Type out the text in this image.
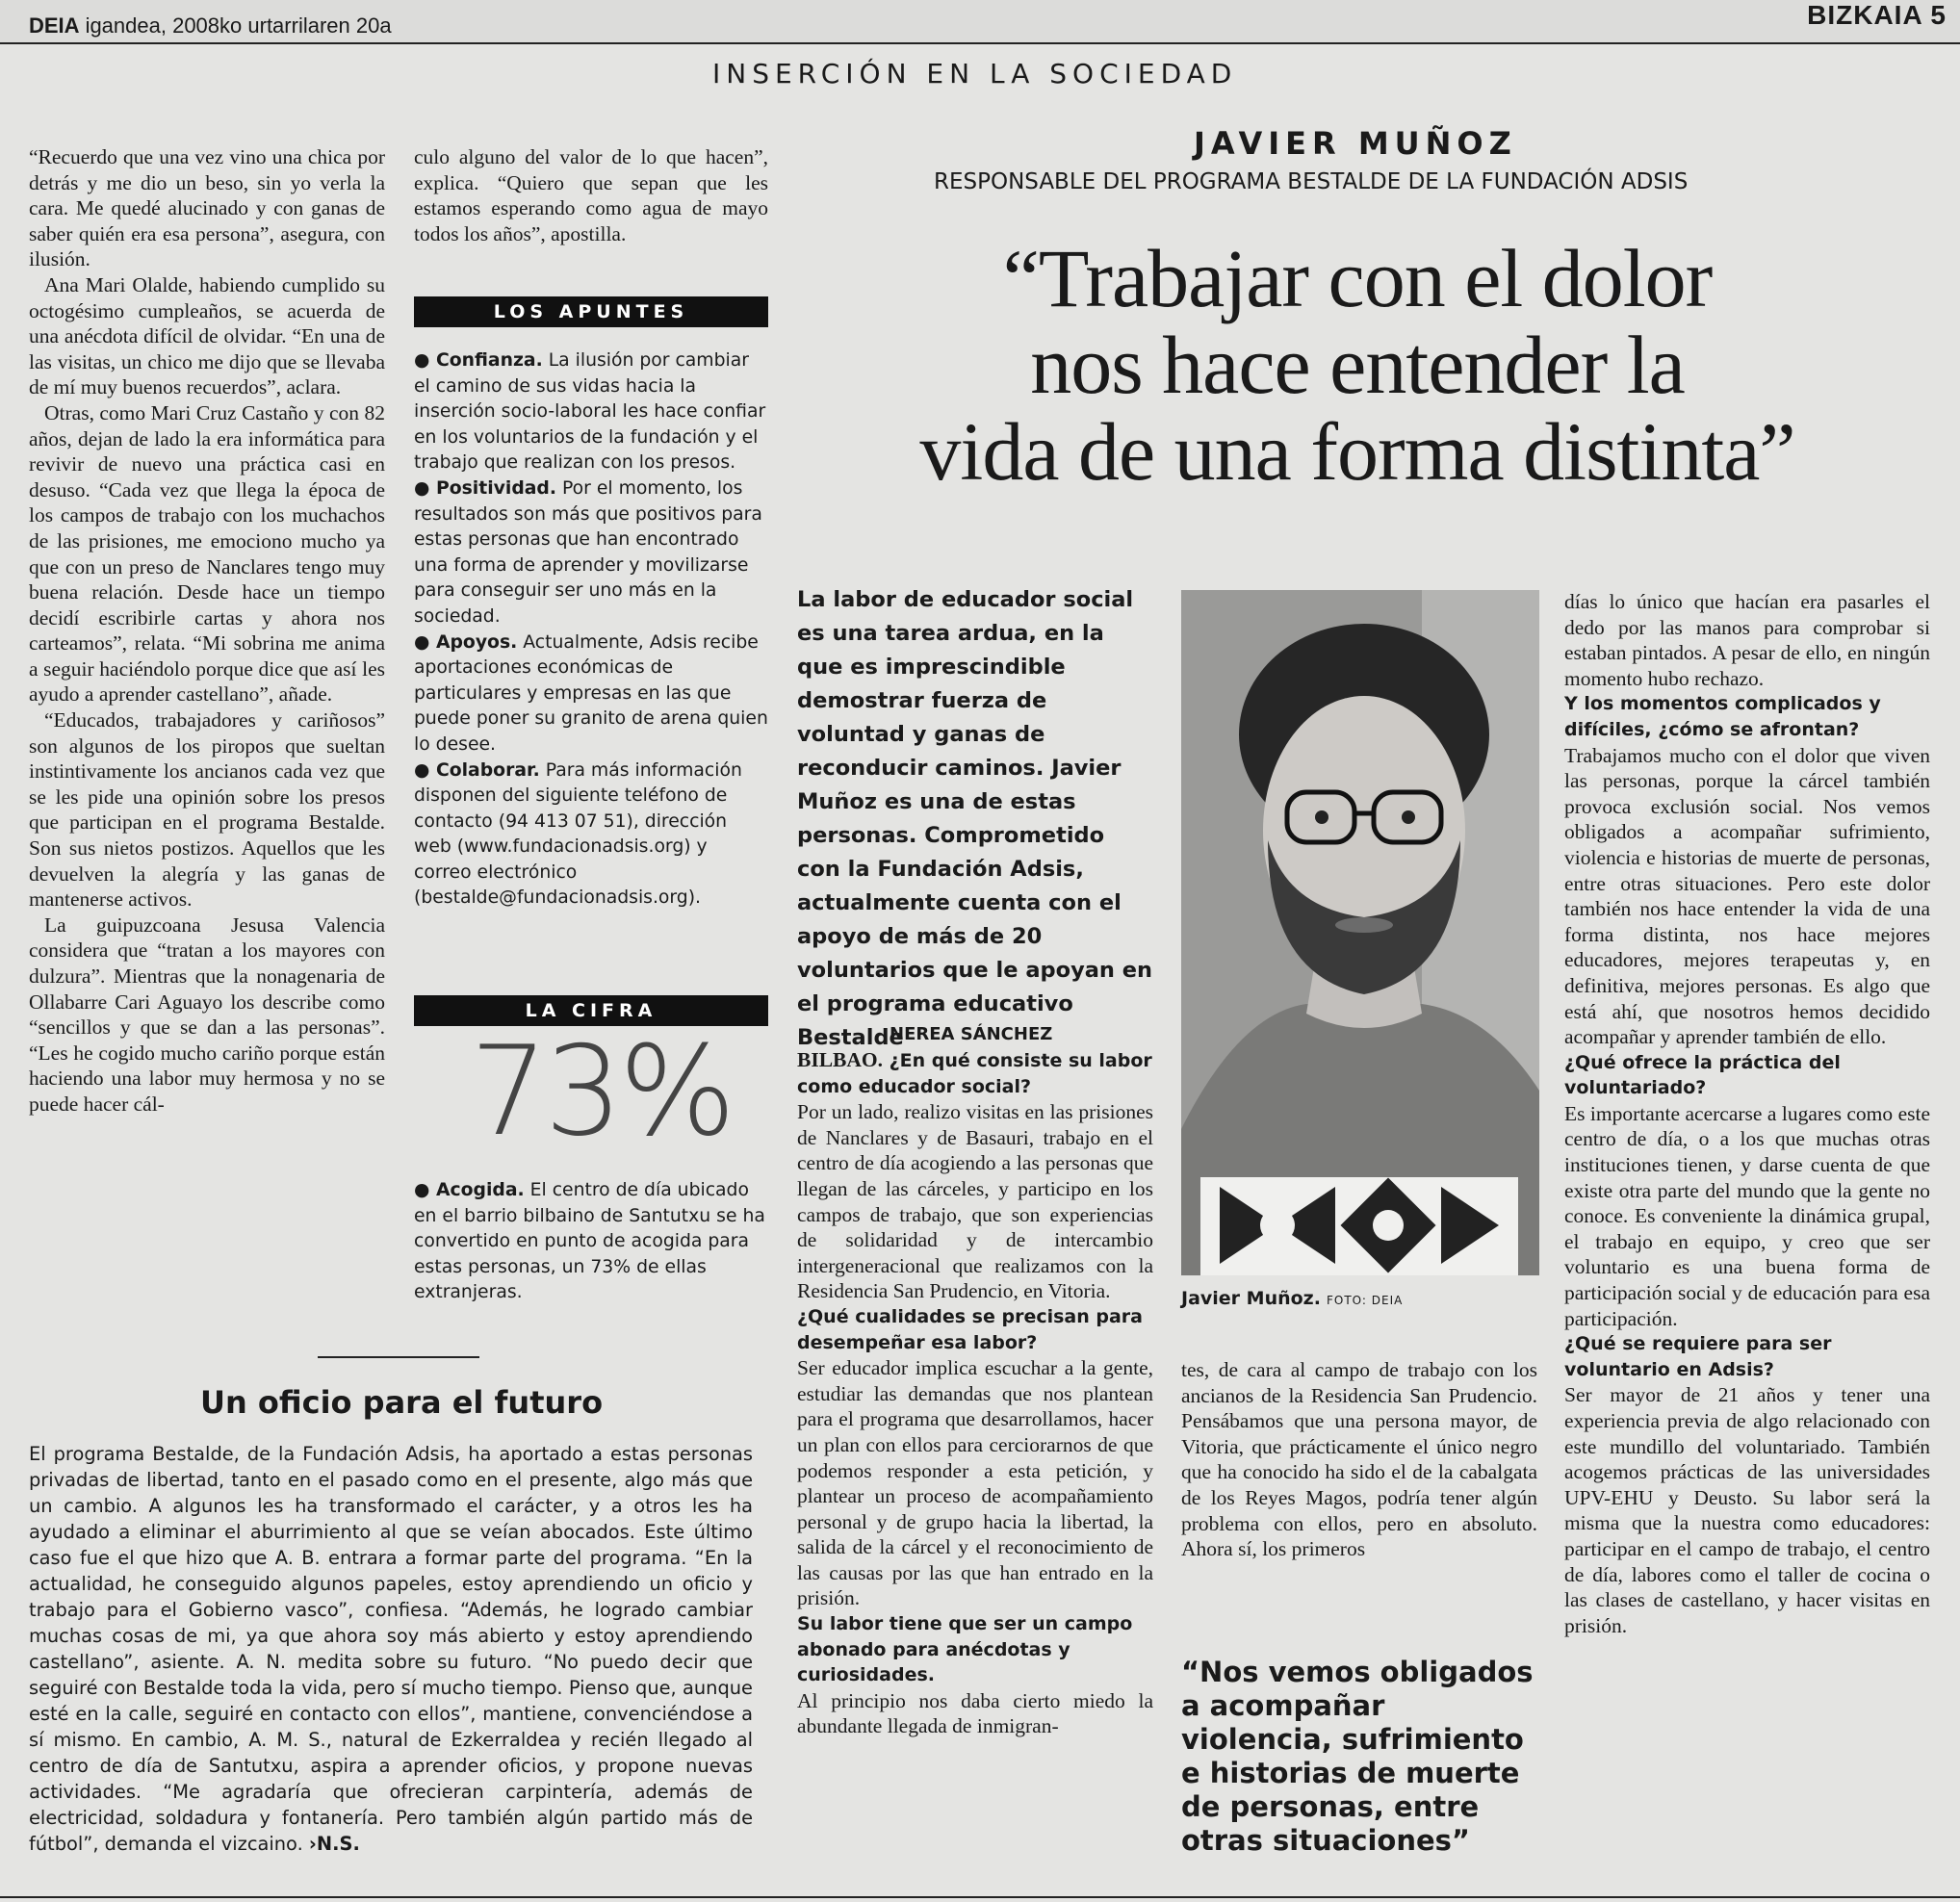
DEIA igandea, 2008ko urtarrilaren 20a	BIZKAIA 5
INSERCIÓN EN LA SOCIEDAD

“Recuerdo que una vez vino una chica por detrás y me dio un beso, sin yo verla la cara. Me quedé alucinado y con ganas de saber quién era esa persona”, asegura, con ilusión.

Ana Mari Olalde, habiendo cumplido su octogésimo cumpleaños, se acuerda de una anécdota difícil de olvidar. “En una de las visitas, un chico me dijo que se llevaba de mí muy buenos recuerdos”, aclara.

Otras, como Mari Cruz Castaño y con 82 años, dejan de lado la era informática para revivir de nuevo una práctica casi en desuso. “Cada vez que llega la época de los campos de trabajo con los muchachos de las prisiones, me emociono mucho ya que con un preso de Nanclares tengo muy buena relación. Desde hace un tiempo decidí escribirle cartas y ahora nos carteamos”, relata. “Mi sobrina me anima a seguir haciéndolo porque dice que así les ayudo a aprender castellano”, añade.

“Educados, trabajadores y cariñosos” son algunos de los piropos que sueltan instintivamente los ancianos cada vez que se les pide una opinión sobre los presos que participan en el programa Bestalde. Son sus nietos postizos. Aquellos que les devuelven la alegría y las ganas de mantenerse activos.

La guipuzcoana Jesusa Valencia considera que “tratan a los mayores con dulzura”. Mientras que la nonagenaria de Ollabarre Cari Aguayo los describe como “sencillos y que se dan a las personas”. “Les he cogido mucho cariño porque están haciendo una labor muy hermosa y no se puede hacer cál-

culo alguno del valor de lo que hacen”, explica. “Quiero que sepan que les estamos esperando como agua de mayo todos los años”, apostilla.

LOS APUNTES

● Confianza. La ilusión por cambiar el camino de sus vidas hacia la inserción socio-laboral les hace confiar en los voluntarios de la fundación y el trabajo que realizan con los presos.

● Positividad. Por el momento, los resultados son más que positivos para estas personas que han encontrado una forma de aprender y movilizarse para conseguir ser uno más en la sociedad.

● Apoyos. Actualmente, Adsis recibe aportaciones económicas de particulares y empresas en las que puede poner su granito de arena quien lo desee.

● Colaborar. Para más información disponen del siguiente teléfono de contacto (94 413 07 51), dirección web (www.fundacionadsis.org) y correo electrónico (bestalde@fundacionadsis.org).

LA CIFRA
73%

● Acogida. El centro de día ubicado en el barrio bilbaino de Santutxu se ha convertido en punto de acogida para estas personas, un 73% de ellas extranjeras.

Un oficio para el futuro
El programa Bestalde, de la Fundación Adsis, ha aportado a estas personas privadas de libertad, tanto en el pasado como en el presente, algo más que un cambio. A algunos les ha transformado el carácter, y a otros les ha ayudado a eliminar el aburrimiento al que se veían abocados. Este último caso fue el que hizo que A. B. entrara a formar parte del programa. “En la actualidad, he conseguido algunos papeles, estoy aprendiendo un oficio y trabajo para el Gobierno vasco”, confiesa. “Además, he logrado cambiar muchas cosas de mi, ya que ahora soy más abierto y estoy aprendiendo castellano”, asiente. A. N. medita sobre su futuro. “No puedo decir que seguiré con Bestalde toda la vida, pero sí mucho tiempo. Pienso que, aunque esté en la calle, seguiré en contacto con ellos”, mantiene, convenciéndose a sí mismo. En cambio, A. M. S., natural de Ezkerraldea y recién llegado al centro de día de Santutxu, aspira a aprender oficios, y propone nuevas actividades. “Me agradaría que ofrecieran carpintería, además de electricidad, soldadura y fontanería. Pero también algún partido más de fútbol”, demanda el vizcaino. ›N.S.
JAVIER MUÑOZ
RESPONSABLE DEL PROGRAMA BESTALDE DE LA FUNDACIÓN ADSIS
“Trabajar con el dolor
nos hace entender la
vida de una forma distinta”
La labor de educador social es una tarea ardua, en la que es imprescindible demostrar fuerza de voluntad y ganas de reconducir caminos. Javier Muñoz es una de estas personas. Comprometido con la Fundación Adsis, actualmente cuenta con el apoyo de más de 20 voluntarios que le apoyan en el programa educativo Bestalde
NEREA SÁNCHEZ
BILBAO. ¿En qué consiste su labor como educador social?
Por un lado, realizo visitas en las prisiones de Nanclares y de Basauri, trabajo en el centro de día acogiendo a las personas que llegan de las cárceles, y participo en los campos de trabajo, que son experiencias de solidaridad y de intercambio intergeneracional que realizamos con la Residencia San Prudencio, en Vitoria.
¿Qué cualidades se precisan para desempeñar esa labor?
Ser educador implica escuchar a la gente, estudiar las demandas que nos plantean para el programa que desarrollamos, hacer un plan con ellos para cerciorarnos de que podemos responder a esta petición, y plantear un proceso de acompañamiento personal y de grupo hacia la libertad, la salida de la cárcel y el reconocimiento de las causas por las que han entrado en la prisión.
Su labor tiene que ser un campo abonado para anécdotas y curiosidades.
Al principio nos daba cierto miedo la abundante llegada de inmigran-
Javier Muñoz. FOTO: DEIA
tes, de cara al campo de trabajo con los ancianos de la Residencia San Prudencio. Pensábamos que una persona mayor, de Vitoria, que prácticamente el único negro que ha conocido ha sido el de la cabalgata de los Reyes Magos, podría tener algún problema con ellos, pero en absoluto. Ahora sí, los primeros
“Nos vemos obligados a acompañar violencia, sufrimiento e historias de muerte de personas, entre otras situaciones”
días lo único que hacían era pasarles el dedo por las manos para comprobar si estaban pintados. A pesar de ello, en ningún momento hubo rechazo.
Y los momentos complicados y difíciles, ¿cómo se afrontan?
Trabajamos mucho con el dolor que viven las personas, porque la cárcel también provoca exclusión social. Nos vemos obligados a acompañar sufrimiento, violencia e historias de muerte de personas, entre otras situaciones. Pero este dolor también nos hace entender la vida de una forma distinta, nos hace mejores educadores, mejores terapeutas y, en definitiva, mejores personas. Es algo que está ahí, que nosotros hemos decidido acompañar y aprender también de ello.
¿Qué ofrece la práctica del voluntariado?
Es importante acercarse a lugares como este centro de día, o a los que muchas otras instituciones tienen, y darse cuenta de que existe otra parte del mundo que la gente no conoce. Es conveniente la dinámica grupal, el trabajo en equipo, y creo que ser voluntario es una buena forma de participación social y de educación para esa participación.
¿Qué se requiere para ser voluntario en Adsis?
Ser mayor de 21 años y tener una experiencia previa de algo relacionado con este mundillo del voluntariado. También acogemos prácticas de las universidades UPV-EHU y Deusto. Su labor será la misma que la nuestra como educadores: participar en el campo de trabajo, el centro de día, labores como el taller de cocina o las clases de castellano, y hacer visitas en prisión.
